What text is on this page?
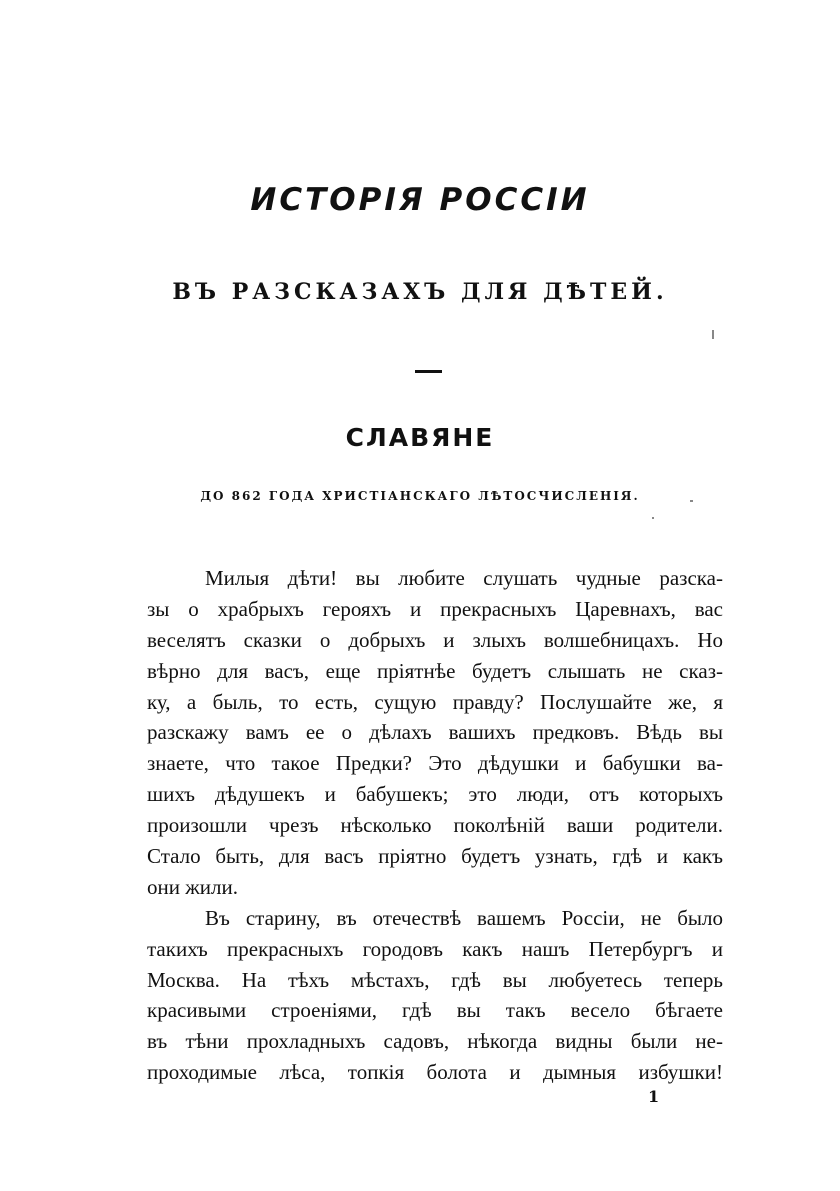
ИСТОРІЯ РОССІИ
ВЪ РАЗСКАЗАХЪ ДЛЯ ДѢТЕЙ.
СЛАВЯНЕ
ДО 862 ГОДА ХРИСТІАНСКАГО ЛѢТОСЧИСЛЕНІЯ.
Милыя дѣти! вы любите слушать чудные разска-
зы о храбрыхъ герояхъ и прекрасныхъ Царевнахъ, вас
веселятъ сказки о добрыхъ и злыхъ волшебницахъ. Но
вѣрно для васъ, еще пріятнѣе будетъ слышать не сказ-
ку, а быль, то есть, сущую правду? Послушайте же, я
разскажу вамъ ее о дѣлахъ вашихъ предковъ. Вѣдь вы
знаете, что такое Предки? Это дѣдушки и бабушки ва-
шихъ дѣдушекъ и бабушекъ; это люди, отъ которыхъ
произошли чрезъ нѣсколько поколѣній ваши родители.
Стало быть, для васъ пріятно будетъ узнать, гдѣ и какъ
они жили.
Въ старину, въ отечествѣ вашемъ Россіи, не было
такихъ прекрасныхъ городовъ какъ нашъ Петербургъ и
Москва. На тѣхъ мѣстахъ, гдѣ вы любуетесь теперь
красивыми строеніями, гдѣ вы такъ весело бѣгаете
въ тѣни прохладныхъ садовъ, нѣкогда видны были не-
проходимые лѣса, топкія болота и дымныя избушки!
1
